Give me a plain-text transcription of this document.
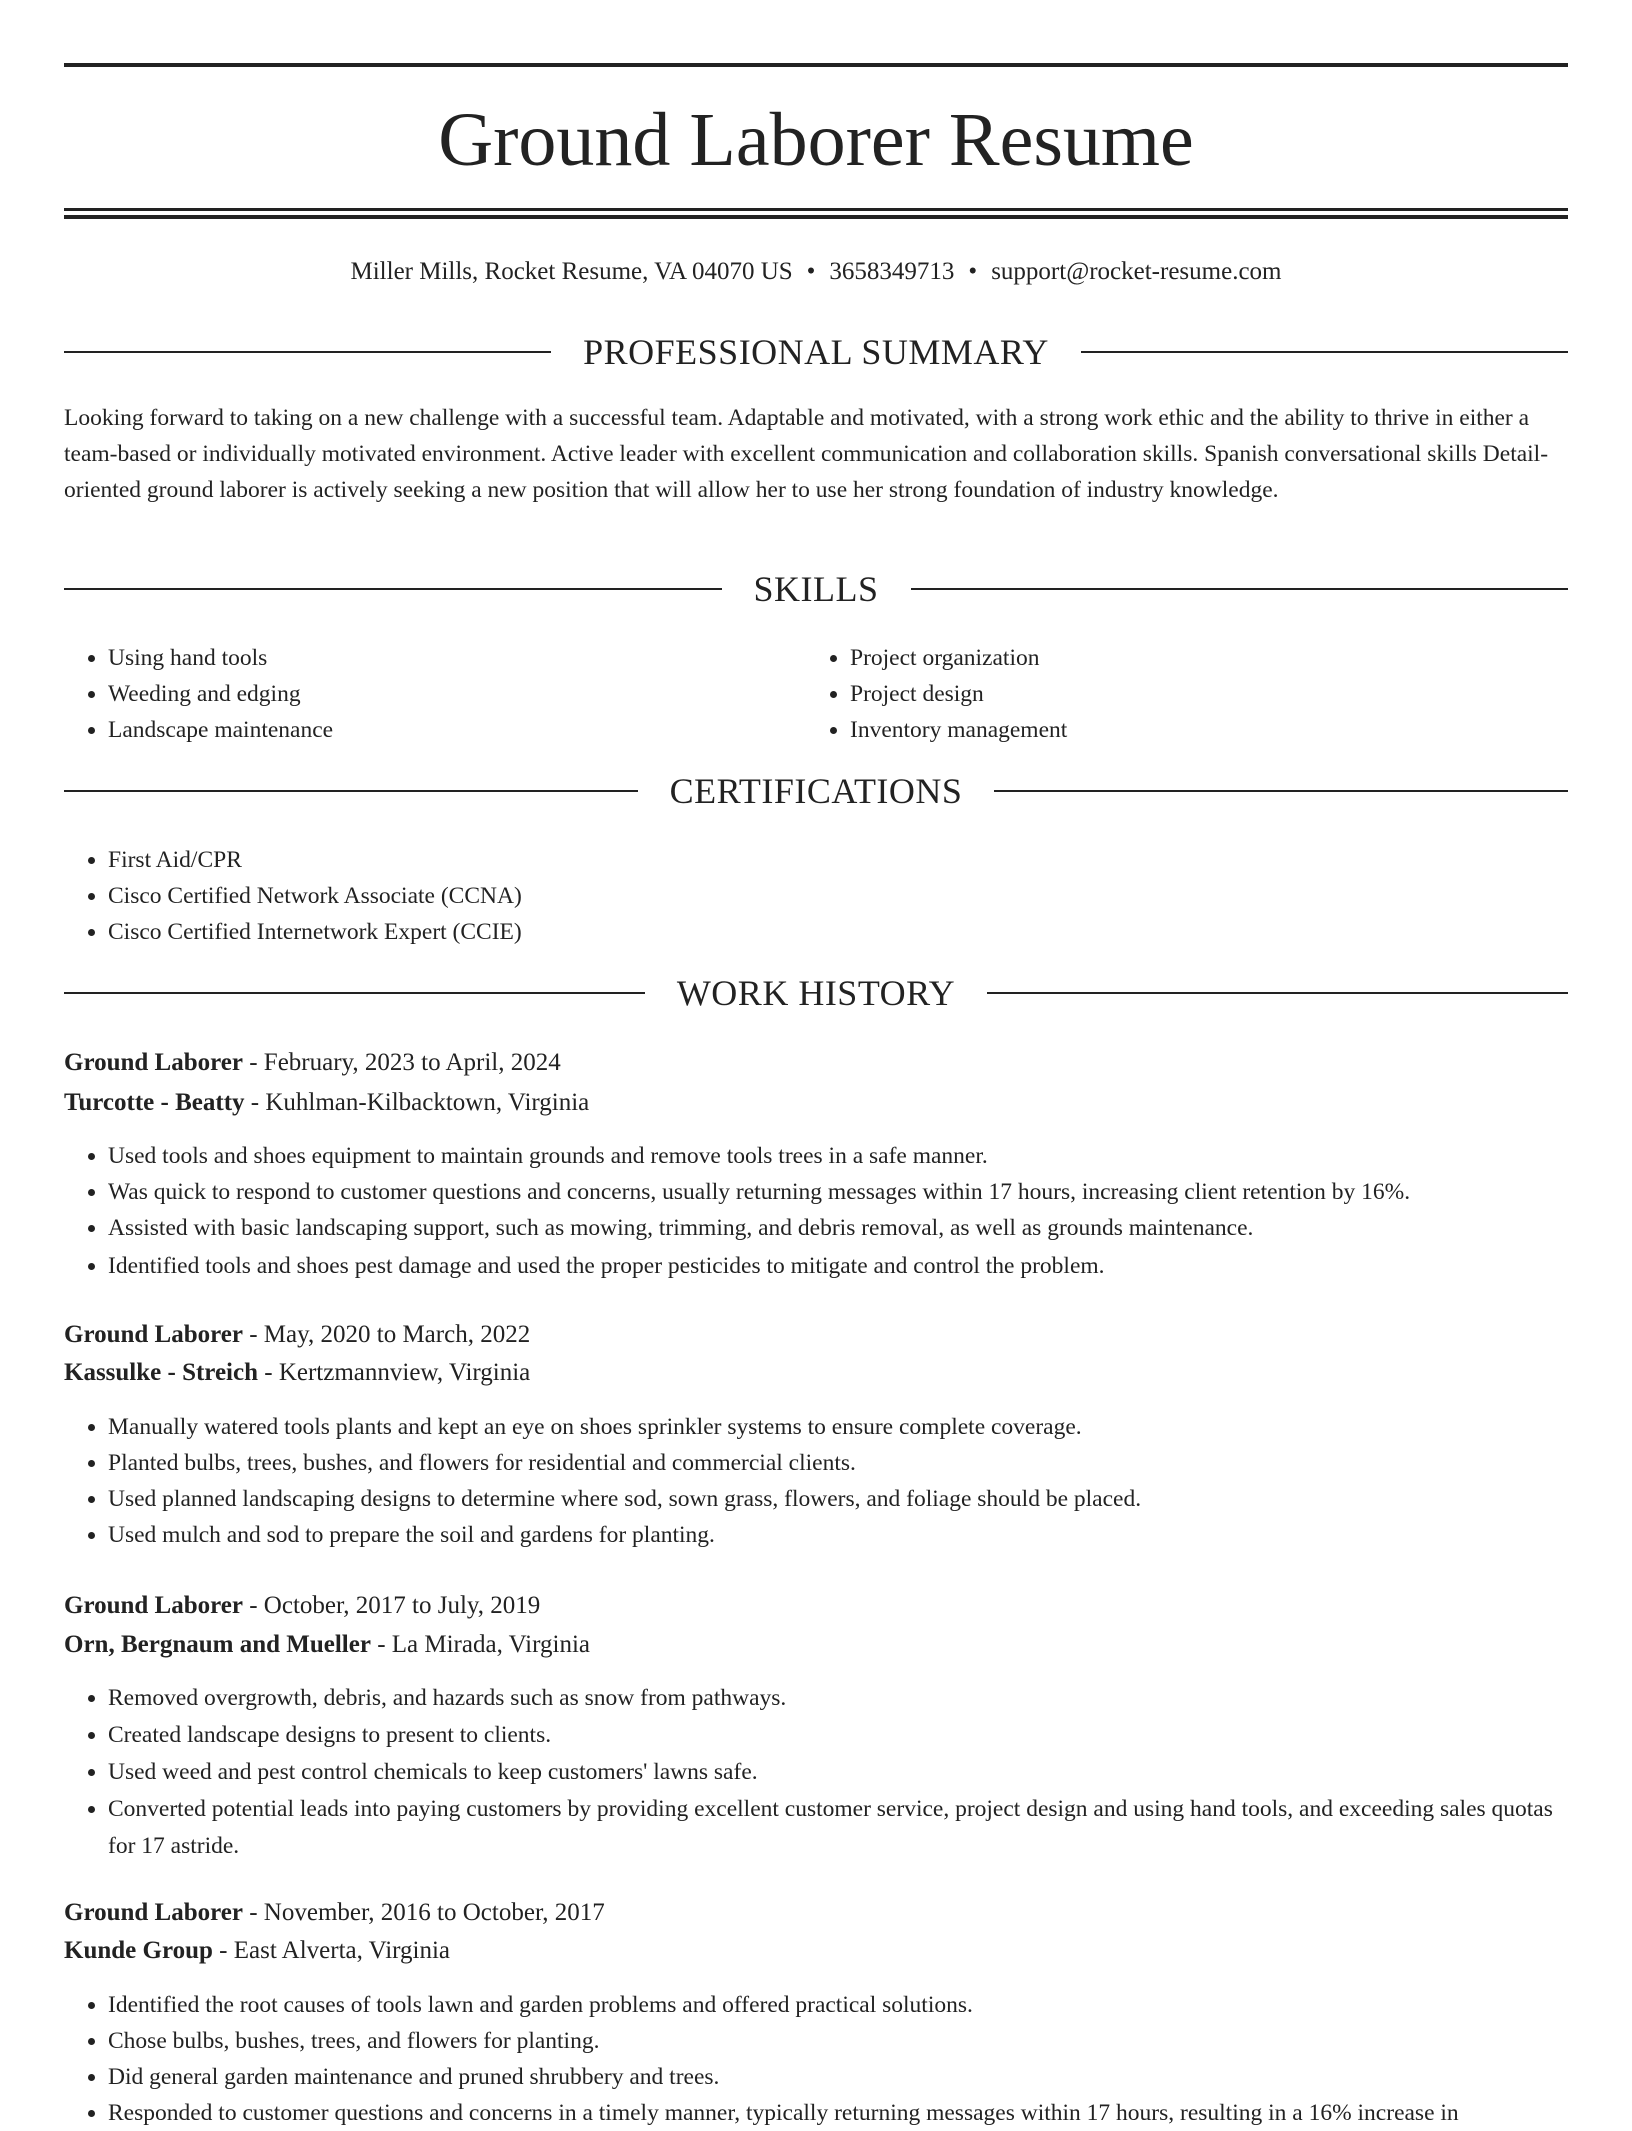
Ground Laborer Resume
Miller Mills, Rocket Resume, VA 04070 US • 3658349713 • support@rocket-resume.com
PROFESSIONAL SUMMARY

Looking forward to taking on a new challenge with a successful team. Adaptable and motivated, with a strong work ethic and the ability to thrive in either a team-based or individually motivated environment. Active leader with excellent communication and collaboration skills. Spanish conversational skills Detail-oriented ground laborer is actively seeking a new position that will allow her to use her strong foundation of industry knowledge.

SKILLS
• Using hand tools
• Weeding and edging
• Landscape maintenance
• Project organization
• Project design
• Inventory management
CERTIFICATIONS
• First Aid/CPR
• Cisco Certified Network Associate (CCNA)
• Cisco Certified Internetwork Expert (CCIE)
WORK HISTORY
Ground Laborer - February, 2023 to April, 2024
Turcotte - Beatty - Kuhlman-Kilbacktown, Virginia
• Used tools and shoes equipment to maintain grounds and remove tools trees in a safe manner.
• Was quick to respond to customer questions and concerns, usually returning messages within 17 hours, increasing client retention by 16%.
• Assisted with basic landscaping support, such as mowing, trimming, and debris removal, as well as grounds maintenance.
• Identified tools and shoes pest damage and used the proper pesticides to mitigate and control the problem.
Ground Laborer - May, 2020 to March, 2022
Kassulke - Streich - Kertzmannview, Virginia
• Manually watered tools plants and kept an eye on shoes sprinkler systems to ensure complete coverage.
• Planted bulbs, trees, bushes, and flowers for residential and commercial clients.
• Used planned landscaping designs to determine where sod, sown grass, flowers, and foliage should be placed.
• Used mulch and sod to prepare the soil and gardens for planting.
Ground Laborer - October, 2017 to July, 2019
Orn, Bergnaum and Mueller - La Mirada, Virginia
• Removed overgrowth, debris, and hazards such as snow from pathways.
• Created landscape designs to present to clients.
• Used weed and pest control chemicals to keep customers' lawns safe.
• Converted potential leads into paying customers by providing excellent customer service, project design and using hand tools, and exceeding sales quotas for 17 astride.
Ground Laborer - November, 2016 to October, 2017
Kunde Group - East Alverta, Virginia
• Identified the root causes of tools lawn and garden problems and offered practical solutions.
• Chose bulbs, bushes, trees, and flowers for planting.
• Did general garden maintenance and pruned shrubbery and trees.
• Responded to customer questions and concerns in a timely manner, typically returning messages within 17 hours, resulting in a 16% increase in
